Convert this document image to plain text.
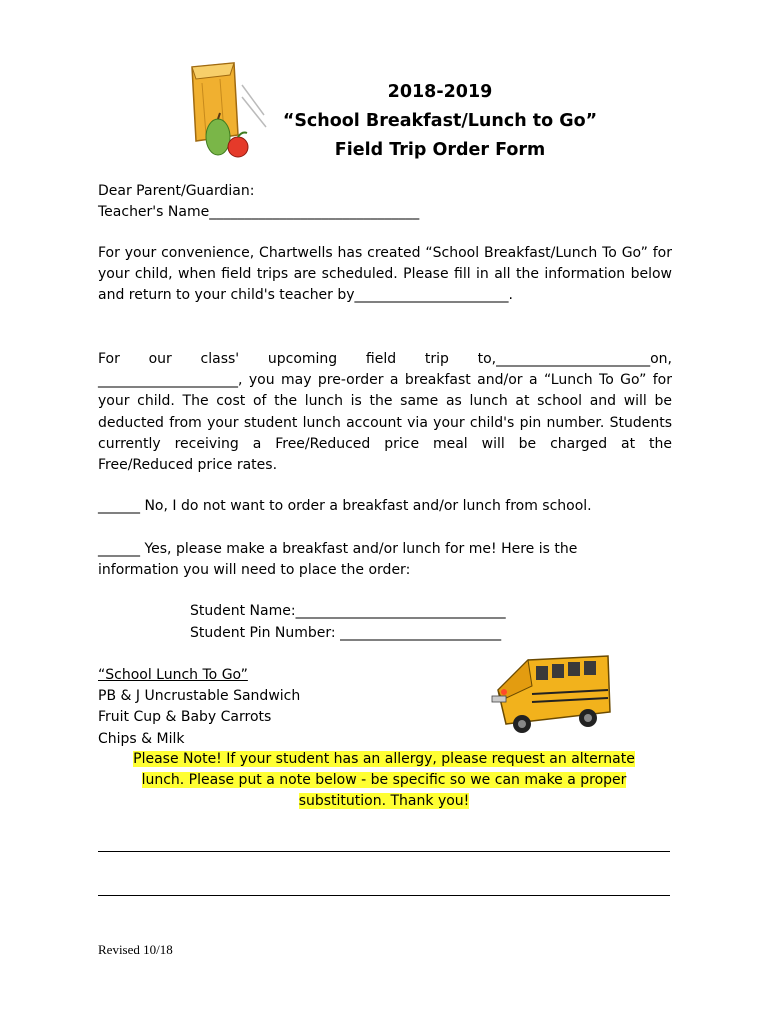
2018-2019
“School Breakfast/Lunch to Go”
Field Trip Order Form
Dear Parent/Guardian:
Teacher's Name______________________________
For your convenience, Chartwells has created “School Breakfast/Lunch To Go” for your child, when field trips are scheduled. Please fill in all the information below and return to your child's teacher by______________________.
For our class' upcoming field trip to,______________________on, ____________________, you may pre-order a breakfast and/or a “Lunch To Go” for your child. The cost of the lunch is the same as lunch at school and will be deducted from your student lunch account via your child's pin number. Students currently receiving a Free/Reduced price meal will be charged at the Free/Reduced price rates.
______ No, I do not want to order a breakfast and/or lunch from school.
______ Yes, please make a breakfast and/or lunch for me! Here is the
information you will need to place the order:
Student Name:______________________________
Student Pin Number: _______________________
“School Lunch To Go”
PB & J Uncrustable Sandwich
Fruit Cup & Baby Carrots
Chips & Milk
Please Note! If your student has an allergy, please request an alternate
lunch. Please put a note below - be specific so we can make a proper
substitution. Thank you!
Revised 10/18
